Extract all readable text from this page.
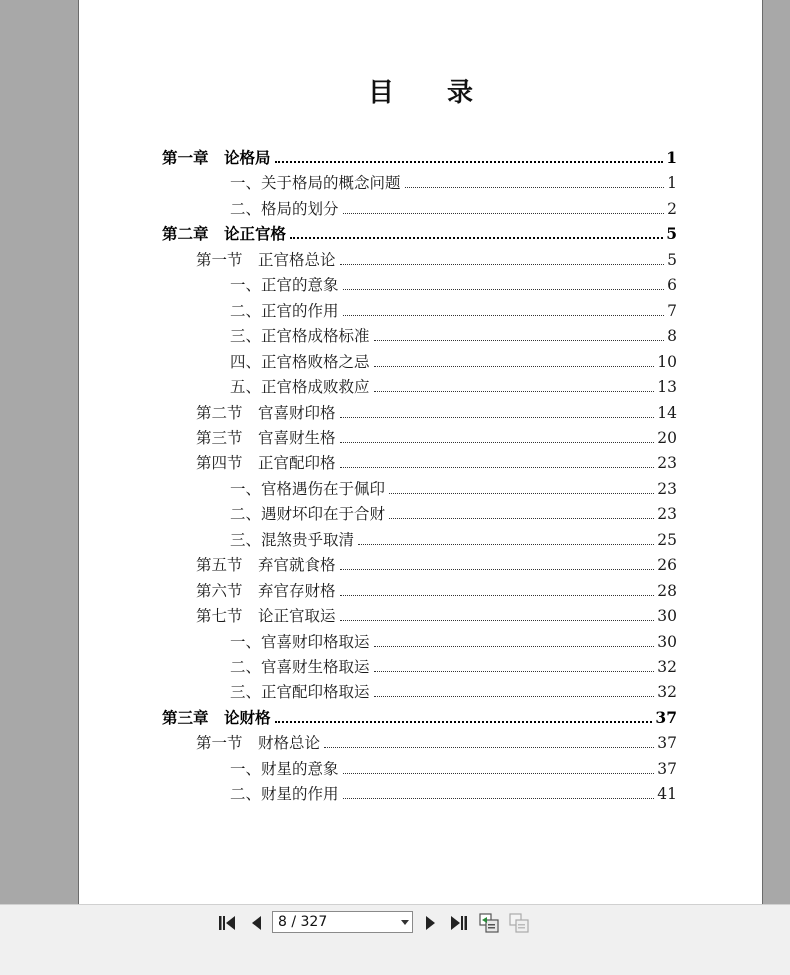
目 录
第一章　论格局	1
一、关于格局的概念问题	1
二、格局的划分	2
第二章　论正官格	5
第一节　正官格总论	5
一、正官的意象	6
二、正官的作用	7
三、正官格成格标准	8
四、正官格败格之忌	10
五、正官格成败救应	13
第二节　官喜财印格	14
第三节　官喜财生格	20
第四节　正官配印格	23
一、官格遇伤在于佩印	23
二、遇财坏印在于合财	23
三、混煞贵乎取清	25
第五节　弃官就食格	26
第六节　弃官存财格	28
第七节　论正官取运	30
一、官喜财印格取运	30
二、官喜财生格取运	32
三、正官配印格取运	32
第三章　论财格	37
第一节　财格总论	37
一、财星的意象	37
二、财星的作用	41
8 / 327
